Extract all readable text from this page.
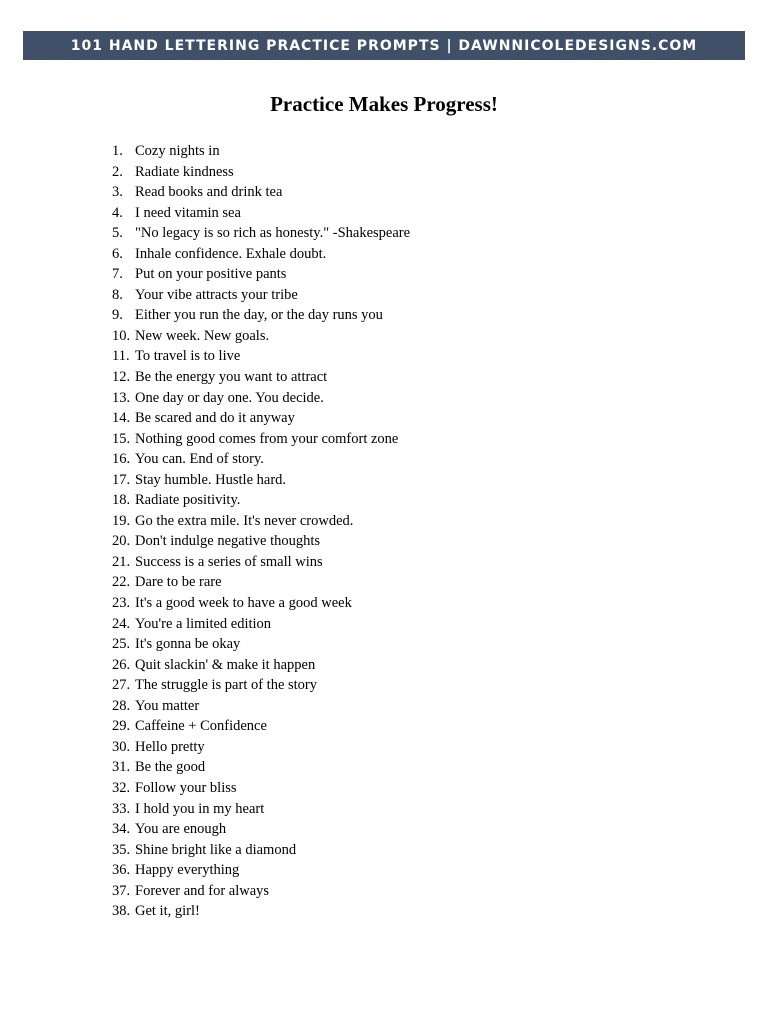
101 HAND LETTERING PRACTICE PROMPTS | DAWNNICOLEDESIGNS.COM
Practice Makes Progress!
1. Cozy nights in
2. Radiate kindness
3. Read books and drink tea
4. I need vitamin sea
5. "No legacy is so rich as honesty." -Shakespeare
6. Inhale confidence. Exhale doubt.
7. Put on your positive pants
8. Your vibe attracts your tribe
9. Either you run the day, or the day runs you
10. New week. New goals.
11. To travel is to live
12. Be the energy you want to attract
13. One day or day one. You decide.
14. Be scared and do it anyway
15. Nothing good comes from your comfort zone
16. You can. End of story.
17. Stay humble. Hustle hard.
18. Radiate positivity.
19. Go the extra mile. It's never crowded.
20. Don't indulge negative thoughts
21. Success is a series of small wins
22. Dare to be rare
23. It's a good week to have a good week
24. You're a limited edition
25. It's gonna be okay
26. Quit slackin' & make it happen
27. The struggle is part of the story
28. You matter
29. Caffeine + Confidence
30. Hello pretty
31. Be the good
32. Follow your bliss
33. I hold you in my heart
34. You are enough
35. Shine bright like a diamond
36. Happy everything
37. Forever and for always
38. Get it, girl!
